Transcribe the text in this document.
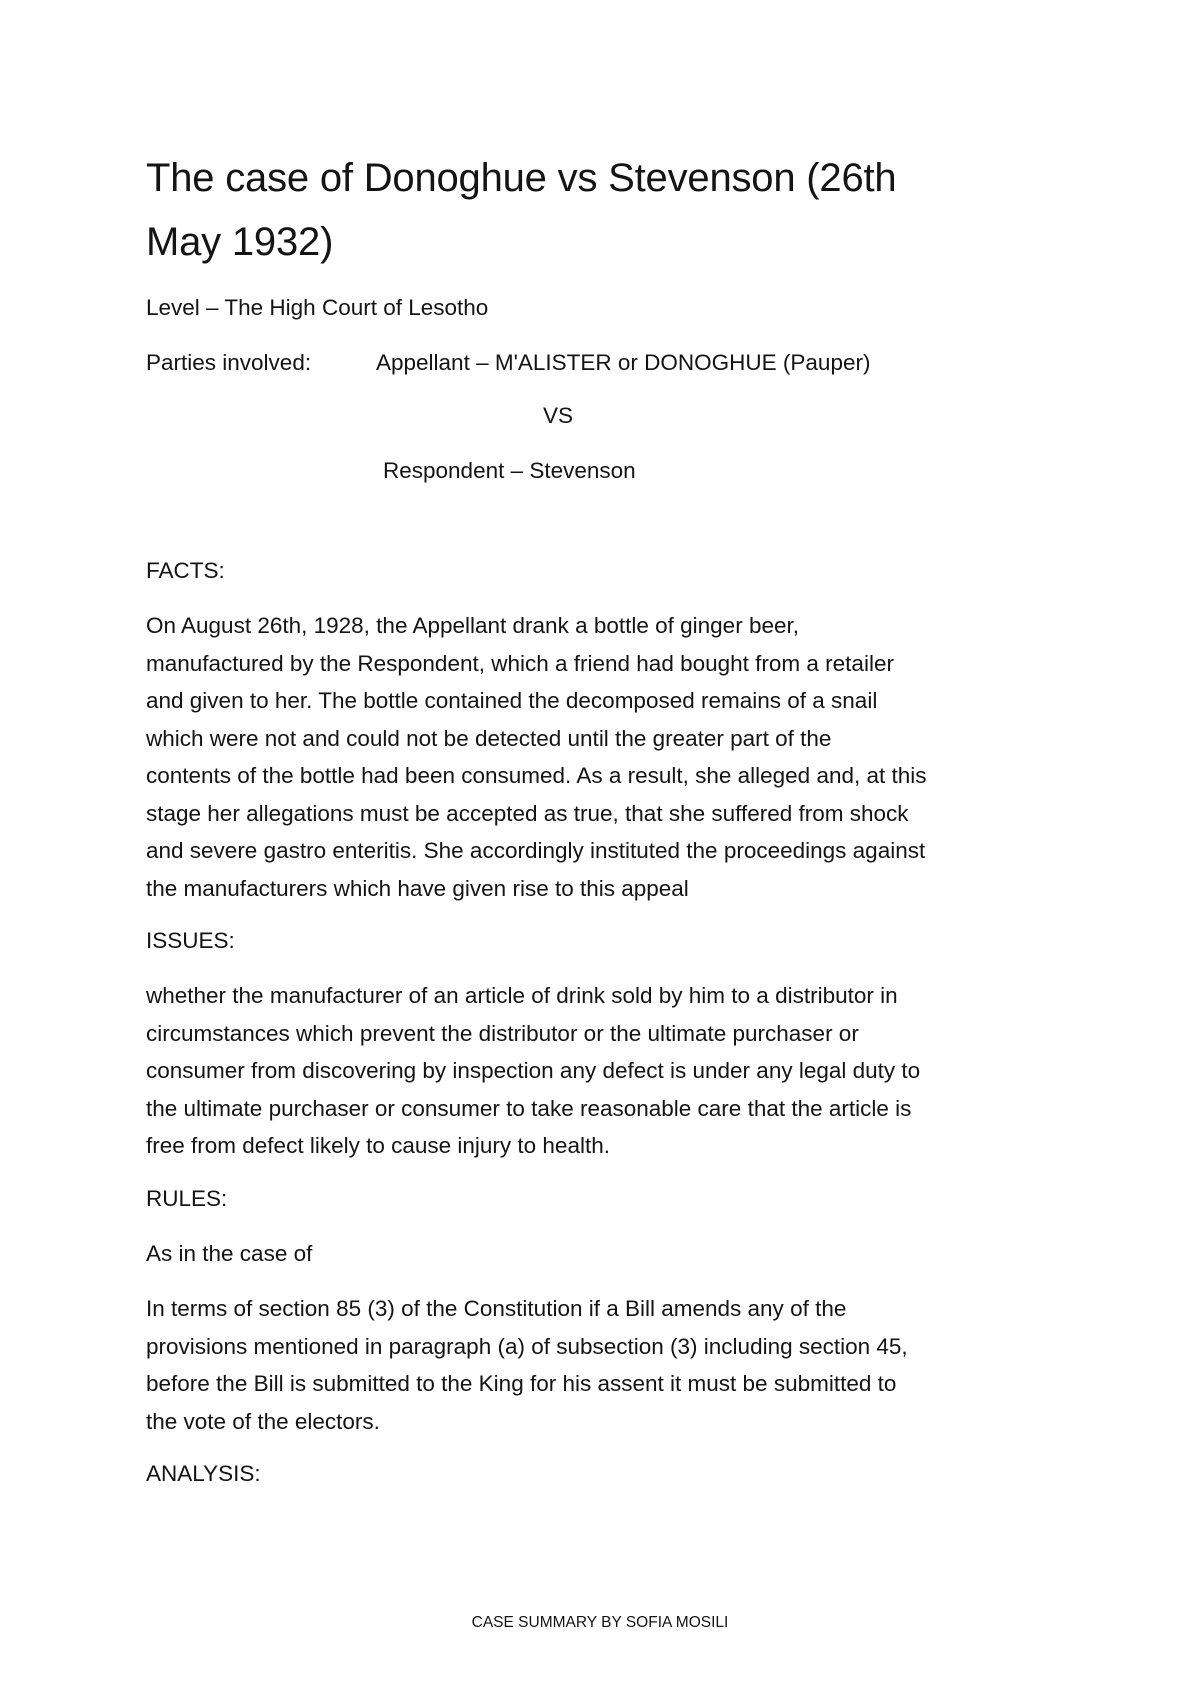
The case of Donoghue vs Stevenson (26th
May 1932)
Level – The High Court of Lesotho
Parties involved:	Appellant – M'ALISTER or DONOGHUE (Pauper)
VS
Respondent – Stevenson
FACTS:
On August 26th, 1928, the Appellant drank a bottle of ginger beer,
manufactured by the Respondent, which a friend had bought from a retailer
and given to her. The bottle contained the decomposed remains of a snail
which were not and could not be detected until the greater part of the
contents of the bottle had been consumed. As a result, she alleged and, at this
stage her allegations must be accepted as true, that she suffered from shock
and severe gastro enteritis. She accordingly instituted the proceedings against
the manufacturers which have given rise to this appeal
ISSUES:
whether the manufacturer of an article of drink sold by him to a distributor in
circumstances which prevent the distributor or the ultimate purchaser or
consumer from discovering by inspection any defect is under any legal duty to
the ultimate purchaser or consumer to take reasonable care that the article is
free from defect likely to cause injury to health.
RULES:
As in the case of
In terms of section 85 (3) of the Constitution if a Bill amends any of the
provisions mentioned in paragraph (a) of subsection (3) including section 45,
before the Bill is submitted to the King for his assent it must be submitted to
the vote of the electors.
ANALYSIS:
CASE SUMMARY BY SOFIA MOSILI
